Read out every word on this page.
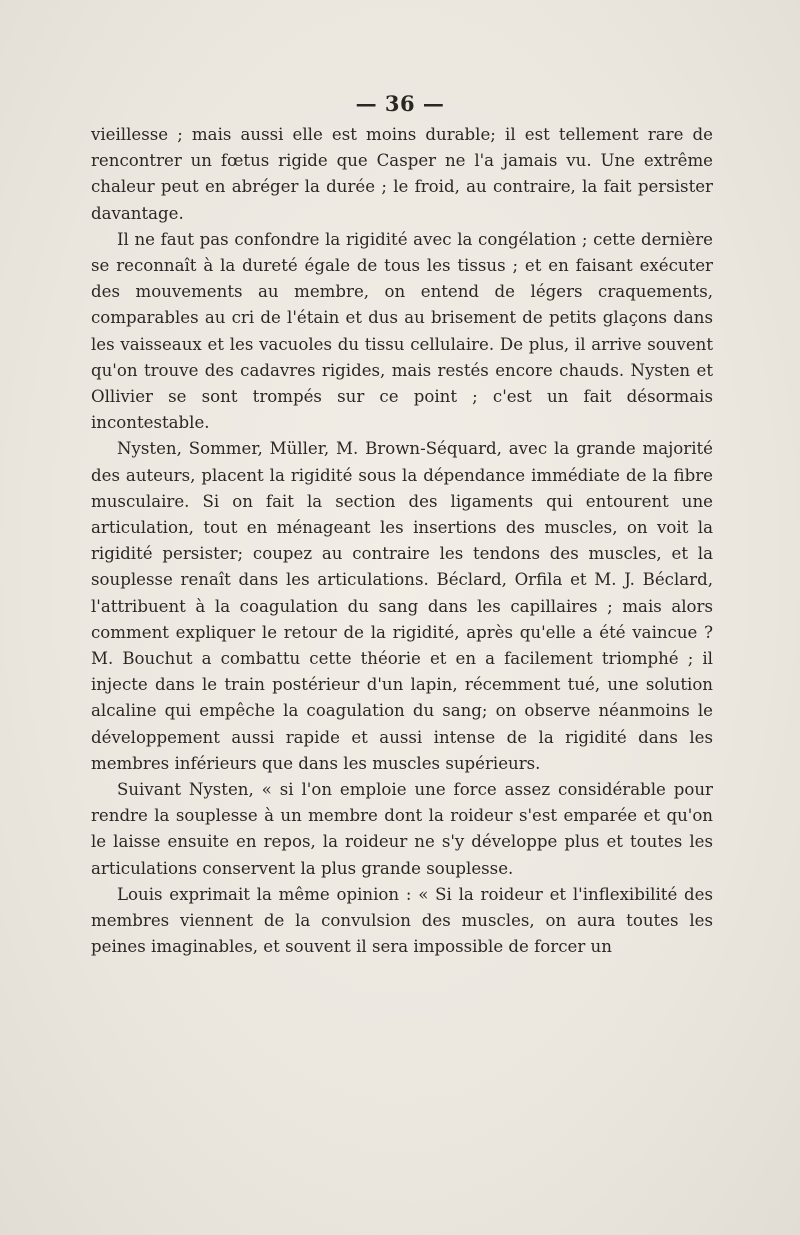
— 36 —

vieillesse ; mais aussi elle est moins durable; il est tellement rare de rencontrer un fœtus rigide que Casper ne l'a jamais vu. Une extrême chaleur peut en abréger la durée ; le froid, au contraire, la fait persister davantage.

Il ne faut pas confondre la rigidité avec la congélation ; cette dernière se reconnaît à la dureté égale de tous les tissus ; et en faisant exécuter des mouvements au membre, on entend de légers craquements, comparables au cri de l'étain et dus au brisement de petits glaçons dans les vaisseaux et les vacuoles du tissu cellulaire. De plus, il arrive souvent qu'on trouve des cadavres rigides, mais restés encore chauds. Nysten et Ollivier se sont trompés sur ce point ; c'est un fait désormais incontestable.

Nysten, Sommer, Müller, M. Brown-Séquard, avec la grande majorité des auteurs, placent la rigidité sous la dépendance immédiate de la fibre musculaire. Si on fait la section des ligaments qui entourent une articulation, tout en ménageant les insertions des muscles, on voit la rigidité persister; coupez au contraire les tendons des muscles, et la souplesse renaît dans les articulations. Béclard, Orfila et M. J. Béclard, l'attribuent à la coagulation du sang dans les capillaires ; mais alors comment expliquer le retour de la rigidité, après qu'elle a été vaincue ? M. Bouchut a combattu cette théorie et en a facilement triomphé ; il injecte dans le train postérieur d'un lapin, récemment tué, une solution alcaline qui empêche la coagulation du sang; on observe néanmoins le développement aussi rapide et aussi intense de la rigidité dans les membres inférieurs que dans les muscles supérieurs.

Suivant Nysten, « si l'on emploie une force assez considérable pour rendre la souplesse à un membre dont la roideur s'est emparée et qu'on le laisse ensuite en repos, la roideur ne s'y développe plus et toutes les articulations conservent la plus grande souplesse.

Louis exprimait la même opinion : « Si la roideur et l'inflexibilité des membres viennent de la convulsion des muscles, on aura toutes les peines imaginables, et souvent il sera impossible de forcer un
